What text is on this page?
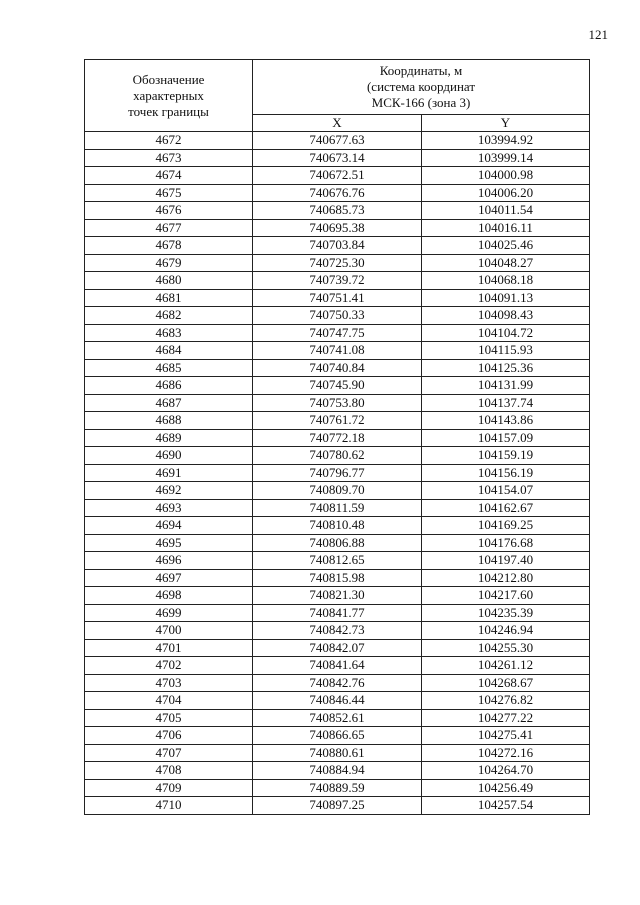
121
Обозначение
характерных
точек границы	Координаты, м
(система координат
МСК-166 (зона 3)	
	X	Y
4672	740677.63	103994.92
4673	740673.14	103999.14
4674	740672.51	104000.98
4675	740676.76	104006.20
4676	740685.73	104011.54
4677	740695.38	104016.11
4678	740703.84	104025.46
4679	740725.30	104048.27
4680	740739.72	104068.18
4681	740751.41	104091.13
4682	740750.33	104098.43
4683	740747.75	104104.72
4684	740741.08	104115.93
4685	740740.84	104125.36
4686	740745.90	104131.99
4687	740753.80	104137.74
4688	740761.72	104143.86
4689	740772.18	104157.09
4690	740780.62	104159.19
4691	740796.77	104156.19
4692	740809.70	104154.07
4693	740811.59	104162.67
4694	740810.48	104169.25
4695	740806.88	104176.68
4696	740812.65	104197.40
4697	740815.98	104212.80
4698	740821.30	104217.60
4699	740841.77	104235.39
4700	740842.73	104246.94
4701	740842.07	104255.30
4702	740841.64	104261.12
4703	740842.76	104268.67
4704	740846.44	104276.82
4705	740852.61	104277.22
4706	740866.65	104275.41
4707	740880.61	104272.16
4708	740884.94	104264.70
4709	740889.59	104256.49
4710	740897.25	104257.54
